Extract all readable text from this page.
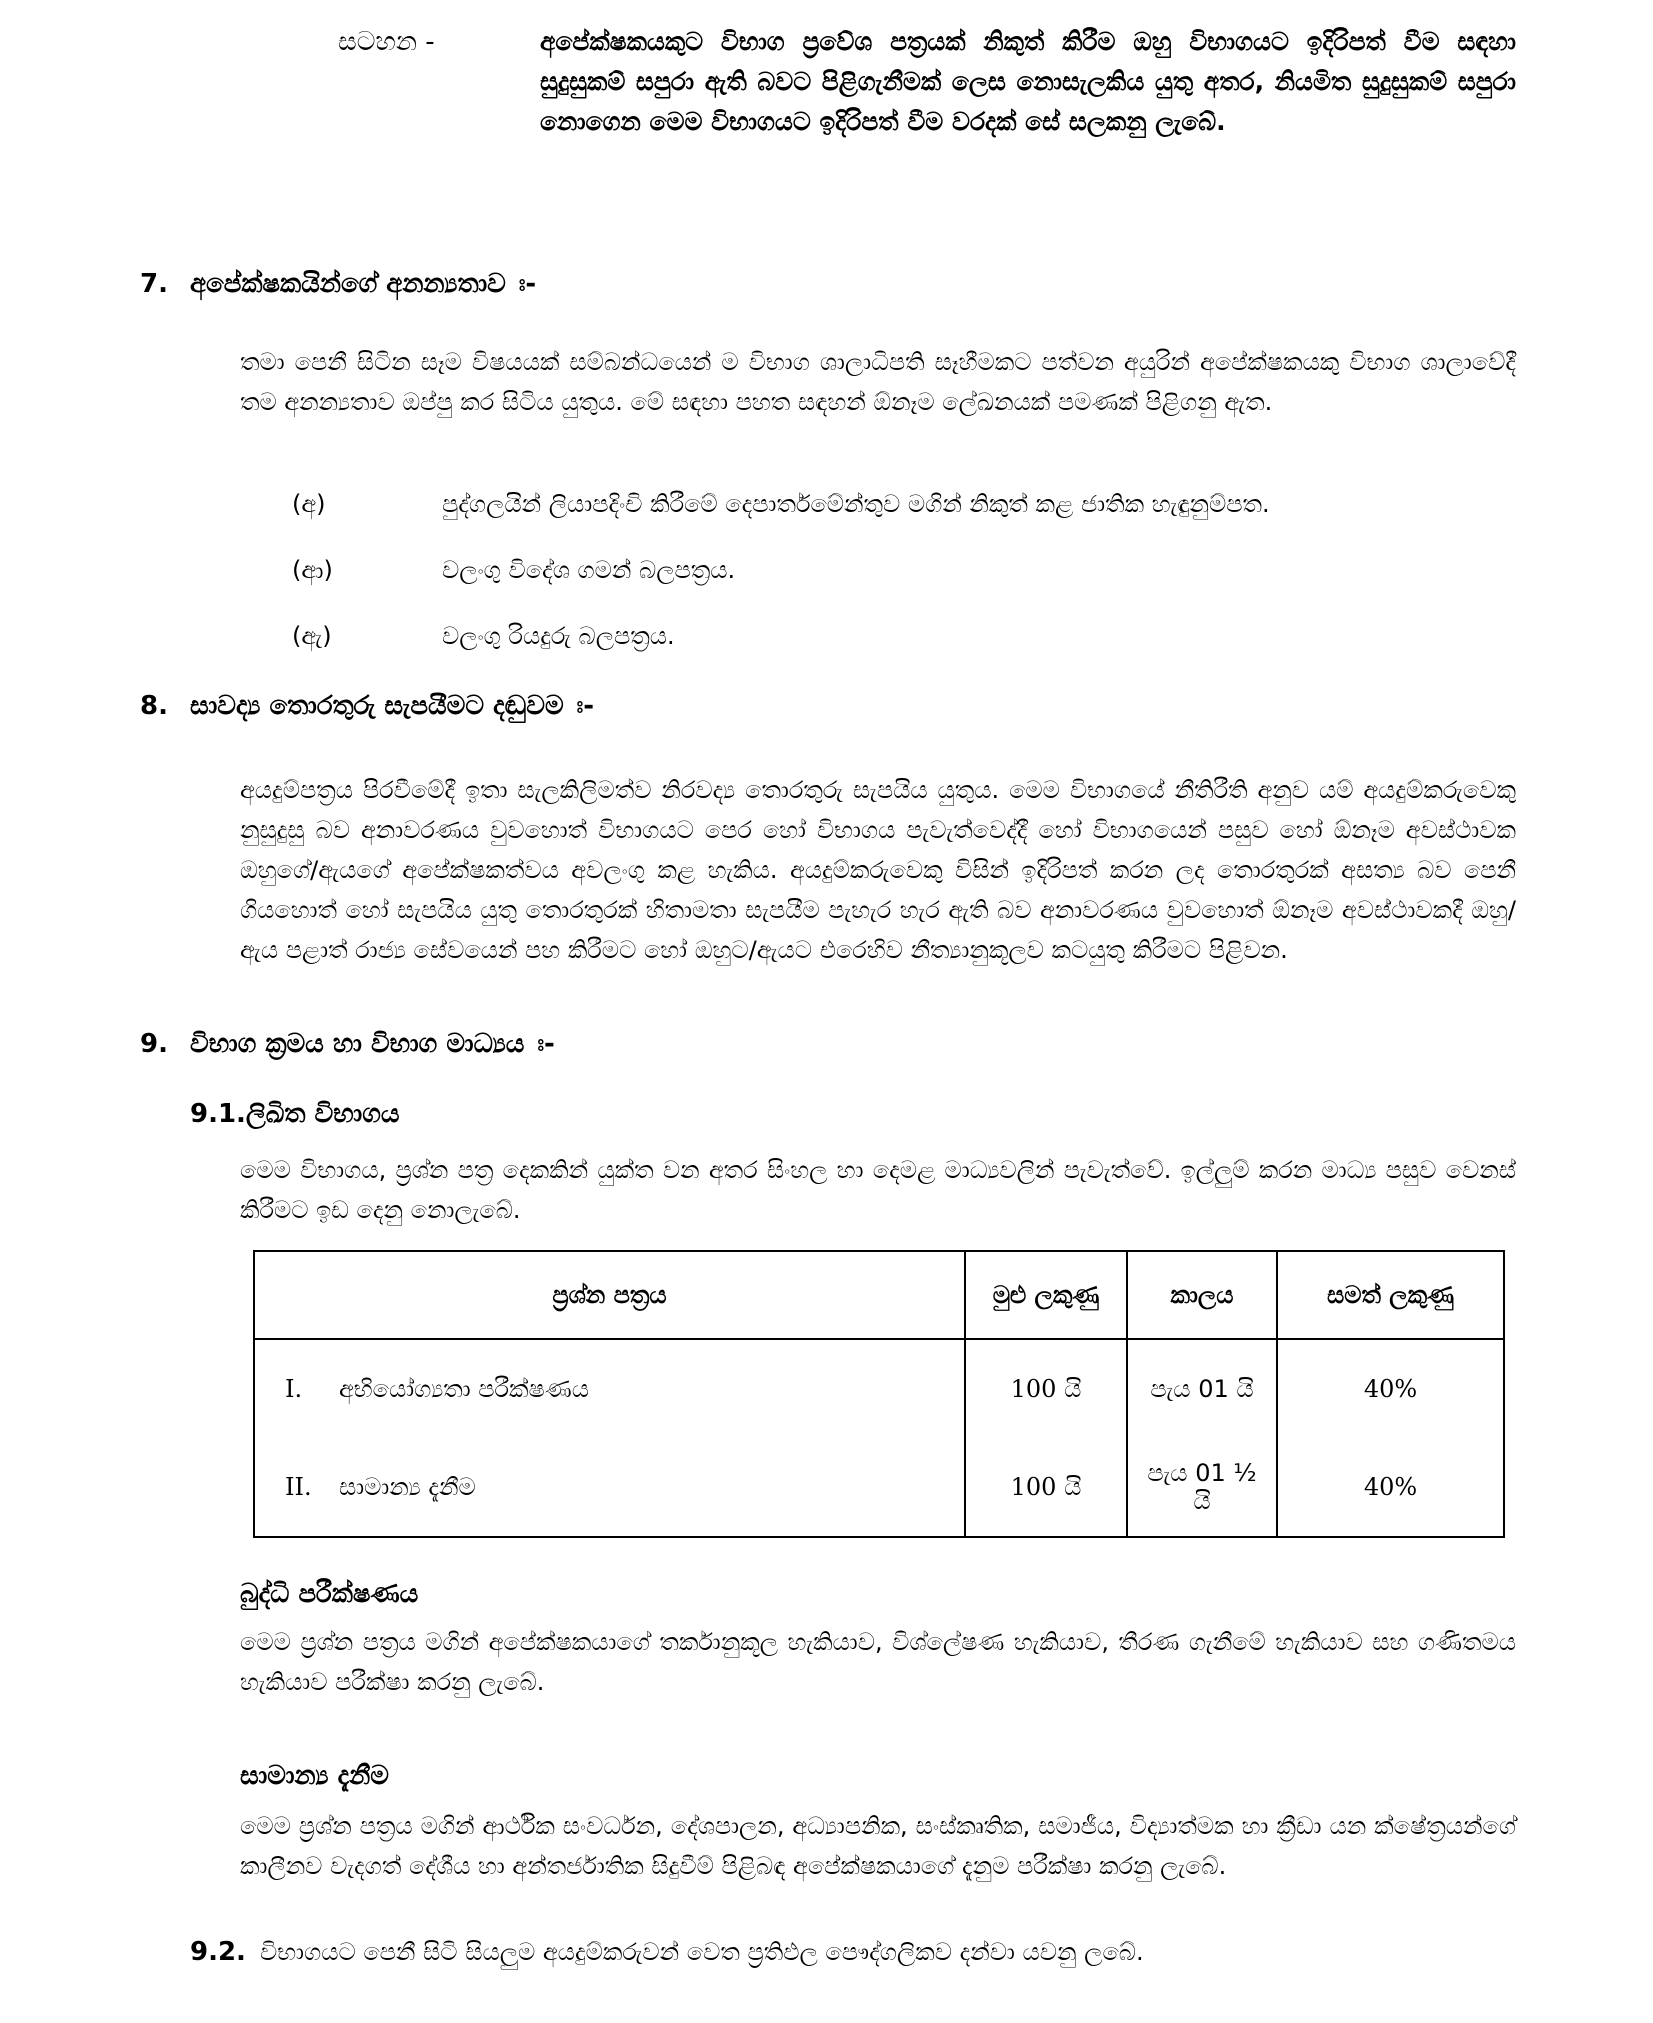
සටහන -	අපේක්ෂකයකුට විභාග ප්‍රවේශ පත්‍රයක් නිකුත් කිරීම ඔහු විභාගයට ඉදිරිපත් වීම සඳහා සුදුසුකම් සපුරා ඇති බවට පිළිගැනීමක් ලෙස නොසැලකිය යුතු අතර, නියමිත සුදුසුකම් සපුරා නොගෙන මෙම විභාගයට ඉදිරිපත් වීම වරදක් සේ සලකනු ලැබේ.
7. අපේක්ෂකයින්ගේ අනන්‍යතාව ඃ-
තමා පෙනී සිටින සෑම විෂයයක් සම්බන්ධයෙන් ම විභාග ශාලාධිපති සෑහීමකට පත්වන අයුරින් අපේක්ෂකයකු විභාග ශාලාවේදී තම අනන්‍යතාව ඔප්පු කර සිටිය යුතුය. මේ සඳහා පහත සඳහන් ඕනෑම ලේඛනයක් පමණක් පිළිගනු ඇත.
(අ)	පුද්ගලයින් ලියාපදිංචි කිරීමේ දෙපාර්තමේන්තුව මගින් නිකුත් කළ ජාතික හැඳුනුම්පත.
(ආ)	වලංගු විදේශ ගමන් බලපත්‍රය.
(ඇ)	වලංගු රියදුරු බලපත්‍රය.
8. සාවද්‍ය තොරතුරු සැපයීමට දඬුවම ඃ-
අයදුම්පත්‍රය පිරවීමේදී ඉතා සැලකිලිමත්ව නිරවද්‍ය තොරතුරු සැපයිය යුතුය. මෙම විභාගයේ නීතිරීති අනුව යම් අයදුම්කරුවෙකු නුසුදුසු බව අනාවරණය වුවහොත් විභාගයට පෙර හෝ විභාගය පැවැත්වෙද්දී හෝ විභාගයෙන් පසුව හෝ ඕනෑම අවස්ථාවක ඔහුගේ/ඇයගේ අපේක්ෂකත්වය අවලංගු කළ හැකිය. අයදුම්කරුවෙකු විසින් ඉදිරිපත් කරන ලද තොරතුරක් අසත්‍ය බව පෙනී ගියහොත් හෝ සැපයිය යුතු තොරතුරක් හිතාමතා සැපයීම පැහැර හැර ඇති බව අනාවරණය වුවහොත් ඕනෑම අවස්ථාවකදී ඔහු/ඇය පළාත් රාජ්‍ය සේවයෙන් පහ කිරීමට හෝ ඔහුට/ඇයට එරෙහිව නීත්‍යානුකූලව කටයුතු කිරීමට පිළිවන.
9. විභාග ක්‍රමය හා විභාග මාධ්‍යය ඃ-
9.1.ලිඛිත විභාගය
මෙම විභාගය, ප්‍රශ්න පත්‍ර දෙකකින් යුක්ත වන අතර සිංහල හා දෙමළ මාධ්‍යවලින් පැවැත්වේ. ඉල්ලුම් කරන මාධ්‍ය පසුව වෙනස් කිරීමට ඉඩ දෙනු නොලැබේ.
ප්‍රශ්න පත්‍රය	මුළු ලකුණු	කාලය	සමත් ලකුණු
I. අභියෝග්‍යතා පරීක්ෂණය	100 යි	පැය 01 යි	40%
II. සාමාන්‍ය දැනීම	100 යි	පැය 01 ½ යි	40%
බුද්ධි පරීක්ෂණය
මෙම ප්‍රශ්න පත්‍රය මගින් අපේක්ෂකයාගේ තර්කානුකූල හැකියාව, විශ්ලේෂණ හැකියාව, තීරණ ගැනීමේ හැකියාව සහ ගණිතමය හැකියාව පරීක්ෂා කරනු ලැබේ.
සාමාන්‍ය දැනීම
මෙම ප්‍රශ්න පත්‍රය මගින් ආර්ථික සංවර්ධන, දේශපාලන, අධ්‍යාපනික, සංස්කෘතික, සමාජීය, විද්‍යාත්මක හා ක්‍රීඩා යන ක්ෂේත්‍රයන්ගේ කාලීනව වැදගත් දේශීය හා අන්තර්ජාතික සිදුවීම් පිළිබඳ අපේක්ෂකයාගේ දැනුම පරීක්ෂා කරනු ලැබේ.
9.2. විභාගයට පෙනී සිටි සියලුම අයදුම්කරුවන් වෙත ප්‍රතිඵල පෞද්ගලිකව දන්වා යවනු ලබේ.
